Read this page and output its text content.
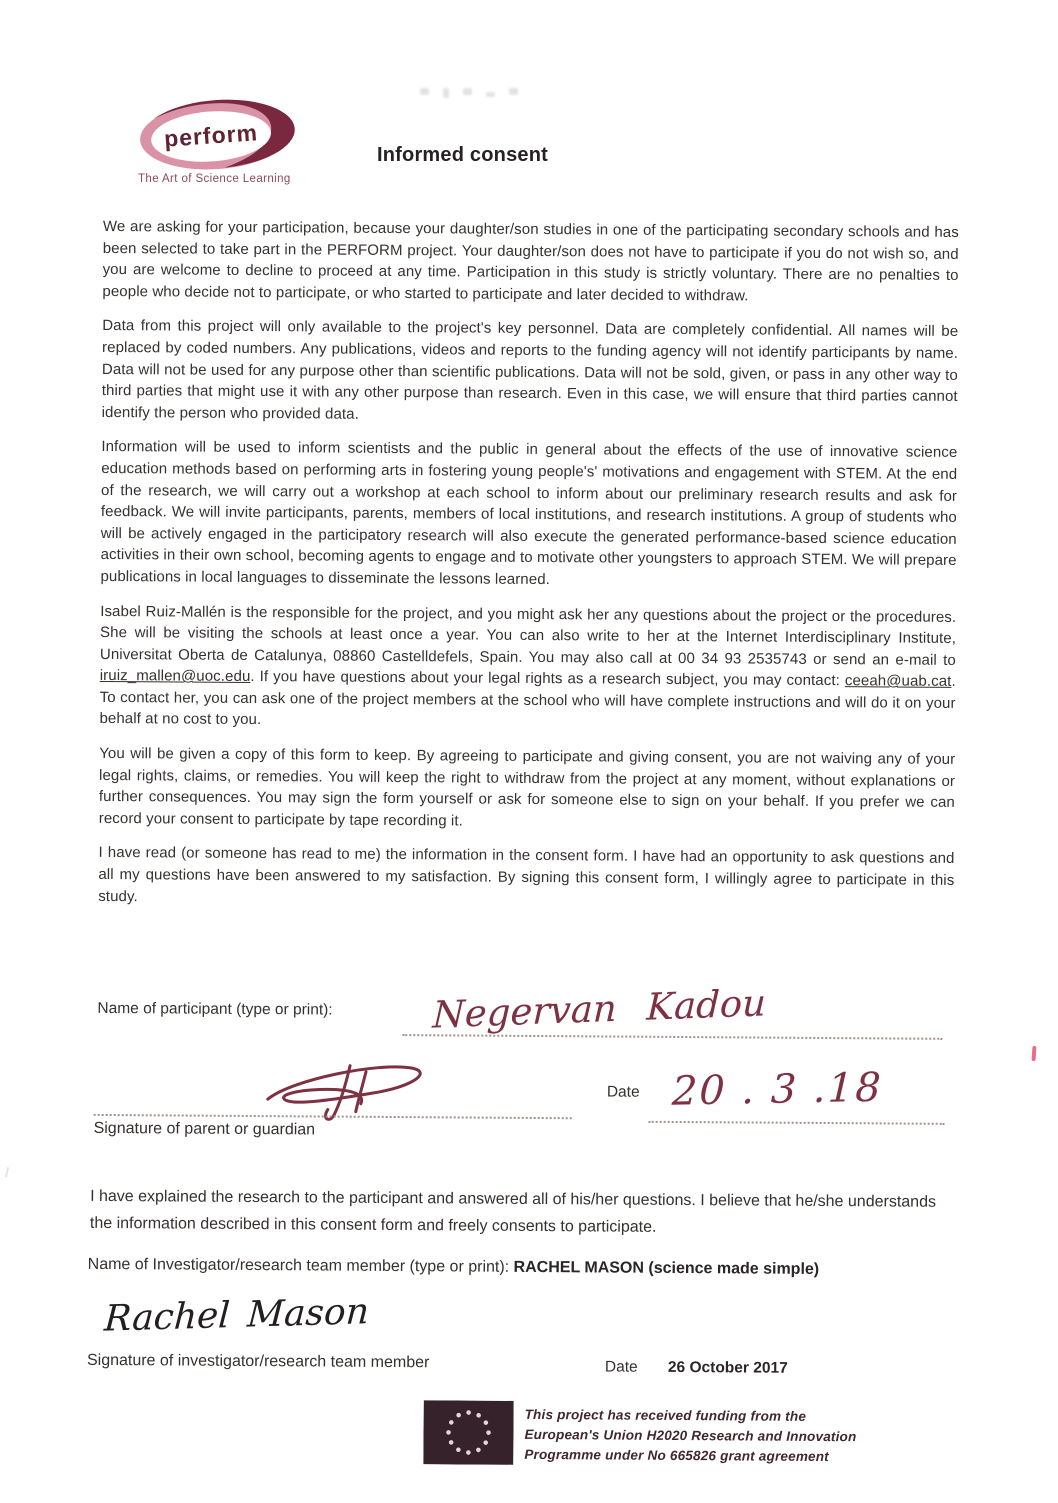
perform
The Art of Science Learning
Informed consent

We are asking for your participation, because your daughter/son studies in one of the participating secondary schools and has been selected to take part in the PERFORM project. Your daughter/son does not have to participate if you do not wish so, and you are welcome to decline to proceed at any time. Participation in this study is strictly voluntary. There are no penalties to people who decide not to participate, or who started to participate and later decided to withdraw.

Data from this project will only available to the project's key personnel. Data are completely confidential. All names will be replaced by coded numbers. Any publications, videos and reports to the funding agency will not identify participants by name. Data will not be used for any purpose other than scientific publications. Data will not be sold, given, or pass in any other way to third parties that might use it with any other purpose than research. Even in this case, we will ensure that third parties cannot identify the person who provided data.

Information will be used to inform scientists and the public in general about the effects of the use of innovative science education methods based on performing arts in fostering young people's' motivations and engagement with STEM. At the end of the research, we will carry out a workshop at each school to inform about our preliminary research results and ask for feedback. We will invite participants, parents, members of local institutions, and research institutions. A group of students who will be actively engaged in the participatory research will also execute the generated performance-based science education activities in their own school, becoming agents to engage and to motivate other youngsters to approach STEM. We will prepare publications in local languages to disseminate the lessons learned.

Isabel Ruiz-Mallén is the responsible for the project, and you might ask her any questions about the project or the procedures. She will be visiting the schools at least once a year. You can also write to her at the Internet Interdisciplinary Institute, Universitat Oberta de Catalunya, 08860 Castelldefels, Spain. You may also call at 00 34 93 2535743 or send an e-mail to iruiz_mallen@uoc.edu. If you have questions about your legal rights as a research subject, you may contact: ceeah@uab.cat. To contact her, you can ask one of the project members at the school who will have complete instructions and will do it on your behalf at no cost to you.

You will be given a copy of this form to keep. By agreeing to participate and giving consent, you are not waiving any of your legal rights, claims, or remedies. You will keep the right to withdraw from the project at any moment, without explanations or further consequences. You may sign the form yourself or ask for someone else to sign on your behalf. If you prefer we can record your consent to participate by tape recording it.

I have read (or someone has read to me) the information in the consent form. I have had an opportunity to ask questions and all my questions have been answered to my satisfaction. By signing this consent form, I willingly agree to participate in this study.

Name of participant (type or print):	Negervan Kadou
Signature of parent or guardian
Date 20 . 3 .18

I have explained the research to the participant and answered all of his/her questions. I believe that he/she understands the information described in this consent form and freely consents to participate.

Name of Investigator/research team member (type or print): RACHEL MASON (science made simple)
Rachel Mason
Signature of investigator/research team member	Date 26 October 2017
This project has received funding from the
European's Union H2020 Research and Innovation
Programme under No 665826 grant agreement
